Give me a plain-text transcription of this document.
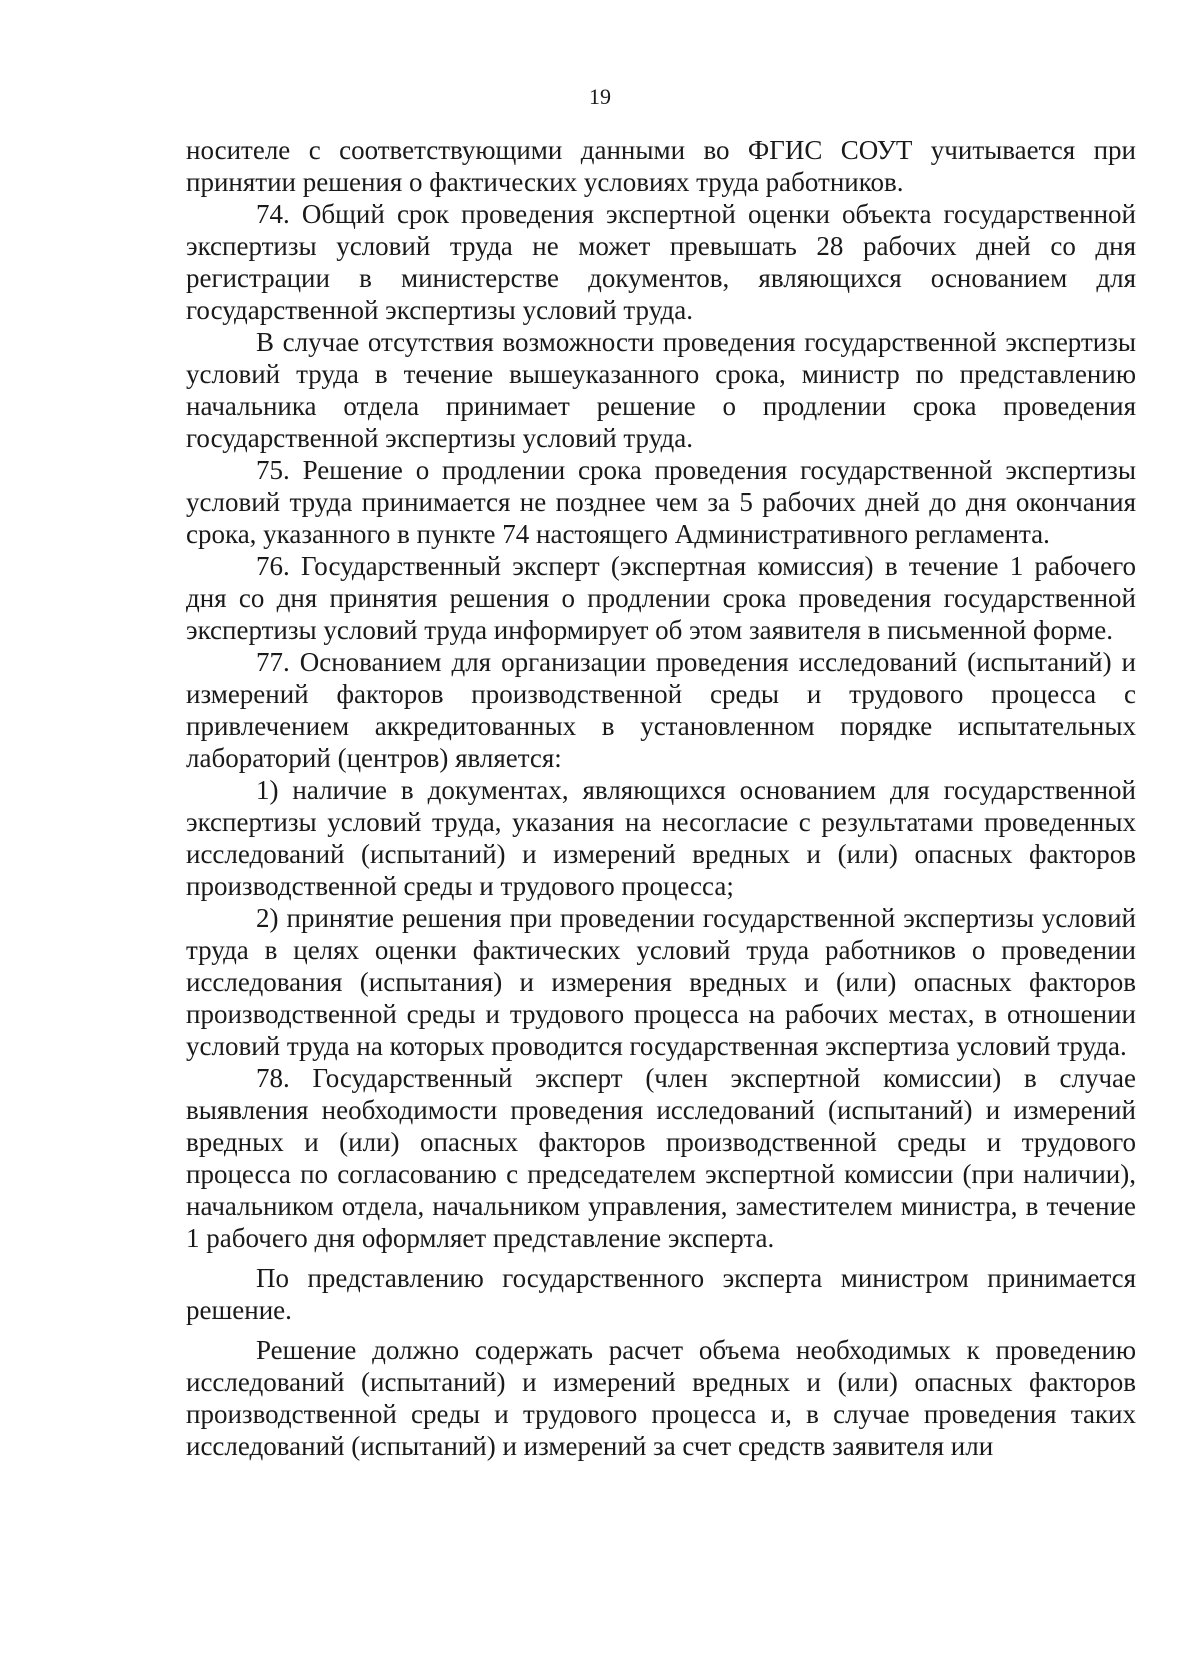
19

носителе с соответствующими данными во ФГИС СОУТ учитывается при принятии решения о фактических условиях труда работников.

74. Общий срок проведения экспертной оценки объекта государственной экспертизы условий труда не может превышать 28 рабочих дней со дня регистрации в министерстве документов, являющихся основанием для государственной экспертизы условий труда.

В случае отсутствия возможности проведения государственной экспертизы условий труда в течение вышеуказанного срока, министр по представлению начальника отдела принимает решение о продлении срока проведения государственной экспертизы условий труда.

75. Решение о продлении срока проведения государственной экспертизы условий труда принимается не позднее чем за 5 рабочих дней до дня окончания срока, указанного в пункте 74 настоящего Административного регламента.

76. Государственный эксперт (экспертная комиссия) в течение 1 рабочего дня со дня принятия решения о продлении срока проведения государственной экспертизы условий труда информирует об этом заявителя в письменной форме.

77. Основанием для организации проведения исследований (испытаний) и измерений факторов производственной среды и трудового процесса с привлечением аккредитованных в установленном порядке испытательных лабораторий (центров) является:

1) наличие в документах, являющихся основанием для государственной экспертизы условий труда, указания на несогласие с результатами проведенных исследований (испытаний) и измерений вредных и (или) опасных факторов производственной среды и трудового процесса;

2) принятие решения при проведении государственной экспертизы условий труда в целях оценки фактических условий труда работников о проведении исследования (испытания) и измерения вредных и (или) опасных факторов производственной среды и трудового процесса на рабочих местах, в отношении условий труда на которых проводится государственная экспертиза условий труда.

78. Государственный эксперт (член экспертной комиссии) в случае выявления необходимости проведения исследований (испытаний) и измерений вредных и (или) опасных факторов производственной среды и трудового процесса по согласованию с председателем экспертной комиссии (при наличии), начальником отдела, начальником управления, заместителем министра, в течение 1 рабочего дня оформляет представление эксперта.

По представлению государственного эксперта министром принимается решение.

Решение должно содержать расчет объема необходимых к проведению исследований (испытаний) и измерений вредных и (или) опасных факторов производственной среды и трудового процесса и, в случае проведения таких исследований (испытаний) и измерений за счет средств заявителя или
